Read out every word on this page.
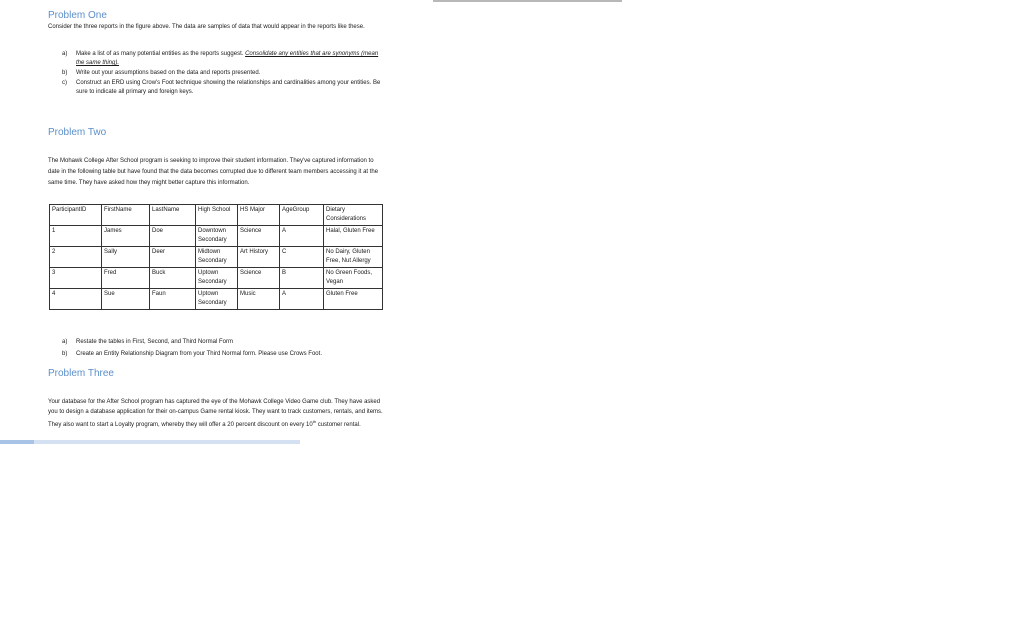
Problem One
Consider the three reports in the figure above. The data are samples of data that would appear in the reports like these.
a) Make a list of as many potential entities as the reports suggest. Consolidate any entities that are synonyms (mean the same thing).
b) Write out your assumptions based on the data and reports presented.
c) Construct an ERD using Crow's Foot technique showing the relationships and cardinalities among your entities. Be sure to indicate all primary and foreign keys.
Problem Two
The Mohawk College After School program is seeking to improve their student information. They've captured information to date in the following table but have found that the data becomes corrupted due to different team members accessing it at the same time. They have asked how they might better capture this information.
ParticipantID	FirstName	LastName	High School	HS Major	AgeGroup	Dietary Considerations
1	James	Doe	Downtown Secondary	Science	A	Halal, Gluten Free
2	Sally	Deer	Midtown Secondary	Art History	C	No Dairy, Gluten Free, Nut Allergy
3	Fred	Buck	Uptown Secondary	Science	B	No Green Foods, Vegan
4	Sue	Faun	Uptown Secondary	Music	A	Gluten Free
a) Restate the tables in First, Second, and Third Normal Form
b) Create an Entity Relationship Diagram from your Third Normal form. Please use Crows Foot.
Problem Three
Your database for the After School program has captured the eye of the Mohawk College Video Game club. They have asked you to design a database application for their on-campus Game rental kiosk. They want to track customers, rentals, and items. They also want to start a Loyalty program, whereby they will offer a 20 percent discount on every 10th customer rental.
